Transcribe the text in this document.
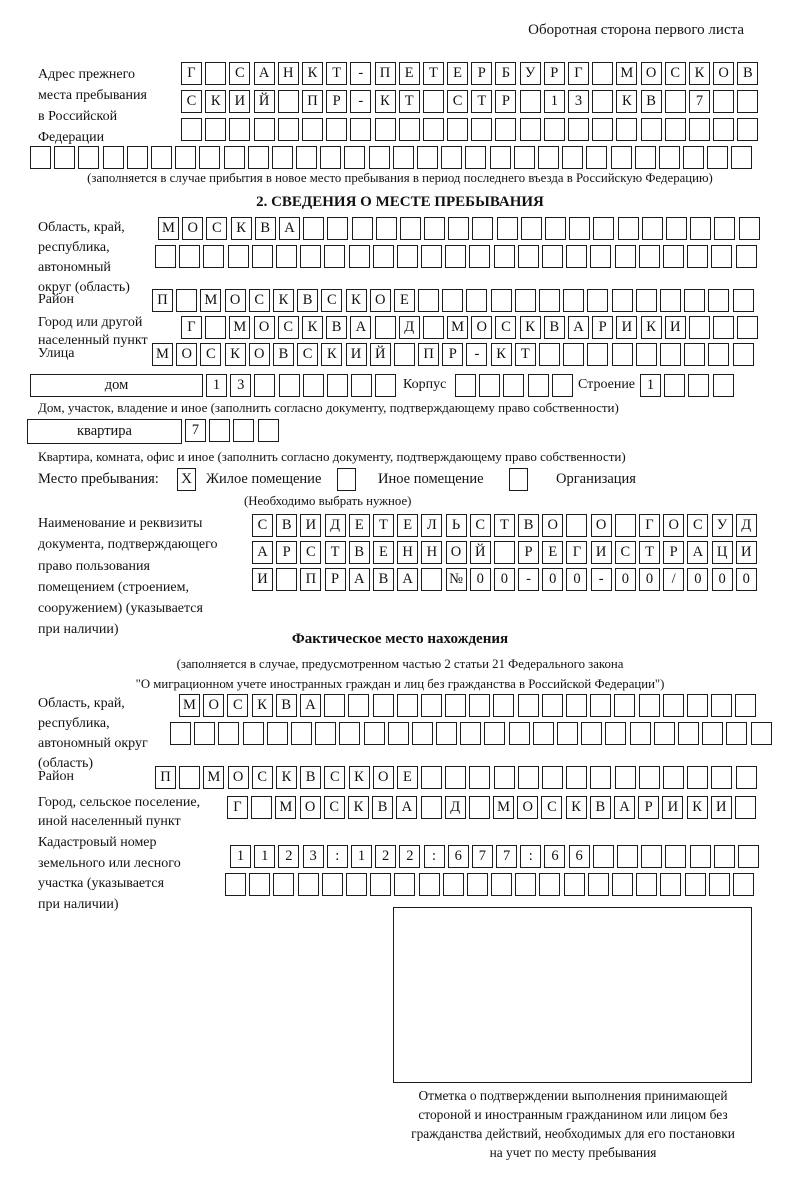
Оборотная сторона первого листа
Адрес прежнего
места пребывания
в Российской
Федерации
Г	С А Н К	Т	-	П	Е	Т	Е	Р	Б	У	Р	Г	М О С	К О В
С	К И Й	П	Р	-	К	Т	С	Т	Р	1	3	К	В	7
(заполняется в случае прибытия в новое место пребывания в период последнего въезда в Российскую Федерацию)
2. СВЕДЕНИЯ О МЕСТЕ ПРЕБЫВАНИЯ
Область, край,
республика,
автономный
округ (область)
М О С	К	В А
Район	П	М О С	К	В	С	К О	Е
Город или другой
населенный пункт
Г	М О С	К	В А	Д	М О С	К	В А	Р	И К И
Улица	М О С	К О В	С	К И Й	П	Р	-	К	Т
дом	1	3	Корпус	Строение 1
Дом, участок, владение и иное (заполнить согласно документу, подтверждающему право собственности)
квартира	7
Квартира, комната, офис и иное (заполнить согласно документу, подтверждающему право собственности)
Место пребывания: X Жилое помещение	Иное помещение	Организация
(Необходимо выбрать нужное)
Наименование и реквизиты
документа, подтверждающего
право пользования
помещением (строением,
сооружением) (указывается
при наличии)
С	В И Д	Е	Т	Е	Л	Ь	С	Т	В О	О	Г	О С У Д
А	Р	С	Т	В	Е	Н Н О Й	Р	Е	Г	И С	Т	Р	А Ц И
И	П	Р	А В А	№ 0	0	-	0	0	-	0	0	/	0	0	0
Фактическое место нахождения
(заполняется в случае, предусмотренном частью 2 статьи 21 Федерального закона
"О миграционном учете иностранных граждан и лиц без гражданства в Российской Федерации")
Область, край,
республика,
автономный округ
(область)
М О С	К	В А
Район	П	М О С	К	В	С	К О	Е
Город, сельское поселение,
иной населенный пункт
Г	М О С	К	В А	Д	М О С	К	В А	Р	И К И
Кадастровый номер
земельного или лесного
участка (указывается
при наличии)
1	1	2	3	:	1	2	2	:	6	7	7	:	6	6
Отметка о подтверждении выполнения принимающей
стороной и иностранным гражданином или лицом без
гражданства действий, необходимых для его постановки
на учет по месту пребывания
